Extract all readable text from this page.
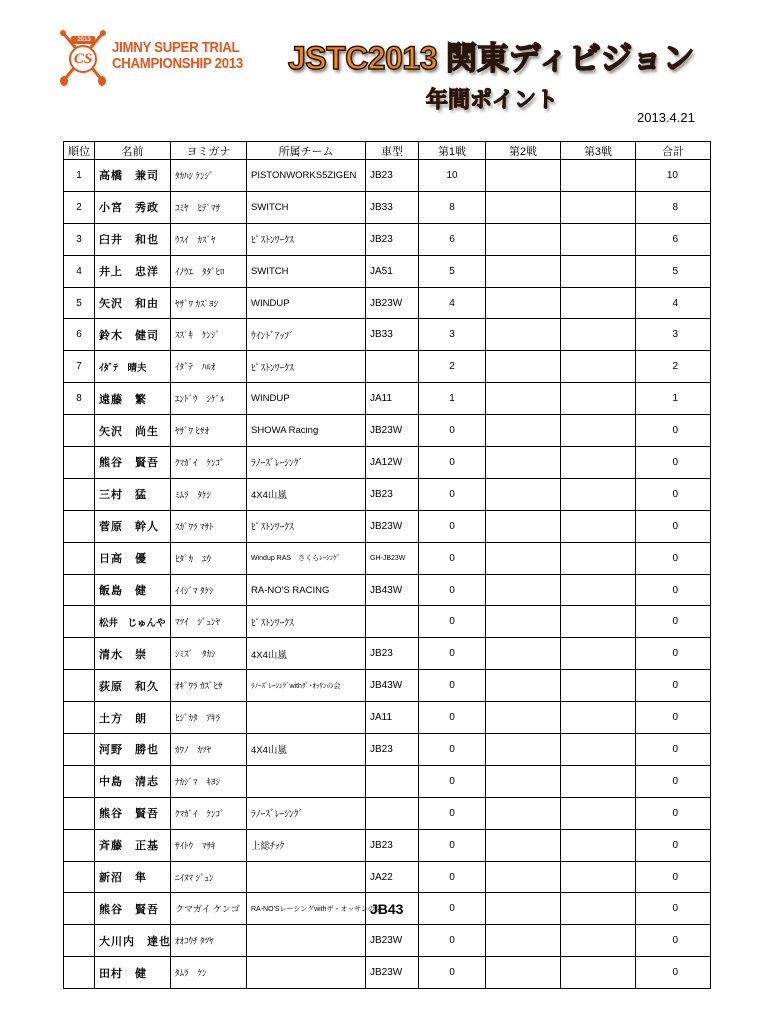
2013
CS
JIMNY SUPER TRIAL
CHAMPIONSHIP 2013 JSTC2013 関東ディビジョン
年間ポイント
2013.4.21
順位	名前	ヨミガナ	所属チーム	車型	第1戦	第2戦	第3戦	合計
1	高橋　兼司	ﾀｶﾊｼ ｹﾝｼﾞ	PISTONWORKS5ZIGEN	JB23	10			10
2	小宮　秀政	ｺﾐﾔ　ﾋﾃﾞﾏｻ	SWITCH	JB33	8			8
3	臼井　和也	ｳｽｲ　ｶｽﾞﾔ	ﾋﾟｽﾄﾝﾜｰｸｽ	JB23	6			6
4	井上　忠洋	ｲﾉｳｴ　ﾀﾀﾞﾋﾛ	SWITCH	JA51	5			5
5	矢沢　和由	ﾔｻﾞﾜ ｶｽﾞﾖｼ	WINDUP	JB23W	4			4
6	鈴木　健司	ｽｽﾞｷ　ｹﾝｼﾞ	ｳｲﾝﾄﾞｱｯﾌﾟ	JB33	3			3
7	ｲﾀﾞﾃ　晴夫	ｲﾀﾞﾃ　ﾊﾙｵ	ﾋﾟｽﾄﾝﾜｰｸｽ		2			2
8	遠藤　繁	ｴﾝﾄﾞｳ　ｼｹﾞﾙ	WINDUP	JA11	1			1
	矢沢　尚生	ﾔｻﾞﾜ ﾋｻｵ	SHOWA Racing	JB23W	0			0
	熊谷　賢吾	ｸﾏｶﾞｲ　ｹﾝｺﾞ	ﾗﾉｰｽﾞﾚｰｼﾝｸﾞ	JA12W	0			0
	三村　猛	ﾐﾑﾗ　ﾀｹｼ	4X4山嵐	JB23	0			0
	菅原　幹人	ｽｶﾞﾜﾗ ﾏｻﾄ	ﾋﾟｽﾄﾝﾜｰｸｽ	JB23W	0			0
	日高　優	ﾋﾀﾞｶ　ﾕｳ	Windup RAS　さくらﾚｰｼﾝｸﾞ	GH-JB23W	0			0
	飯島　健	ｲｲｼﾞﾏ ﾀｹｼ	RA-NO'S RACING	JB43W	0			0
	松井　じゅんや	ﾏﾂｲ　ｼﾞｭﾝﾔ	ﾋﾟｽﾄﾝﾜｰｸｽ		0			0
	清水　崇	ｼﾐｽﾞ　ﾀｶｼ	4X4山嵐	JB23	0			0
	荻原　和久	ｵｷﾞﾜﾗ ｶｽﾞﾋｻ	ﾗﾉｰｽﾞﾚｰｼﾝｸﾞwithｻﾞ･ｵｯｻﾝの会	JB43W	0			0
	土方　朗	ﾋｼﾞｶﾀ　ｱｷﾗ		JA11	0			0
	河野　勝也	ｶﾜﾉ　ｶﾂﾔ	4X4山嵐	JB23	0			0
	中島　清志	ﾅｶｼﾞﾏ　ｷﾖｼ			0			0
	熊谷　賢吾	ｸﾏｶﾞｲ　ｹﾝｺﾞ	ﾗﾉｰｽﾞﾚｰｼﾝｸﾞ		0			0
	斉藤　正基	ｻｲﾄｳ　ﾏｻｷ	上総ﾁｯｸ	JB23	0			0
	新沼　隼	ﾆｲﾇﾏ ｼﾞｭﾝ		JA22	0			0
	熊谷　賢吾	クマガイ ケンゴ	RA-NO'Sレーシングwithザ・オッサンの会	JB43	0			0
	大川内　達也	ｵｵｺｳﾁ ﾀﾂﾔ		JB23W	0			0
	田村　健	ﾀﾑﾗ　ｹﾝ		JB23W	0			0
